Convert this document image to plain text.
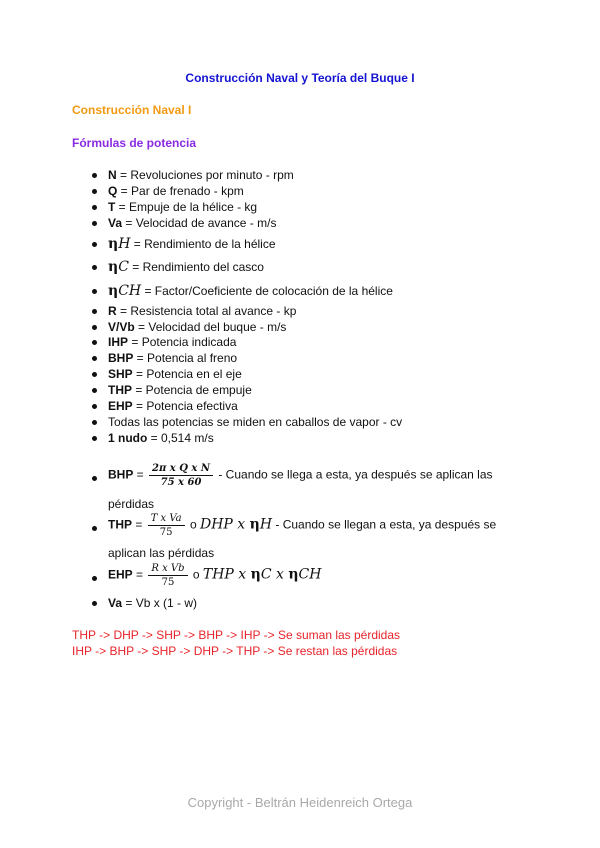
Construcción Naval y Teoría del Buque I
Construcción Naval I
Fórmulas de potencia
N = Revoluciones por minuto - rpm
Q = Par de frenado - kpm
T = Empuje de la hélice - kg
Va = Velocidad de avance - m/s
ηH = Rendimiento de la hélice
ηC = Rendimiento del casco
ηCH = Factor/Coeficiente de colocación de la hélice
R = Resistencia total al avance - kp
V/Vb = Velocidad del buque - m/s
IHP = Potencia indicada
BHP = Potencia al freno
SHP = Potencia en el eje
THP = Potencia de empuje
EHP = Potencia efectiva
Todas las potencias se miden en caballos de vapor - cv
1 nudo = 0,514 m/s
BHP = $\frac{\text{2π x Q x N}}{75 x 60}$ - Cuando se llega a esta, ya después se aplican las
pérdidas
THP = $\frac{\text{T x Va}}{75}$ o DHP x ηH - Cuando se llegan a esta, ya después se
aplican las pérdidas
EHP = $\frac{\text{R x Vb}}{75}$ o THP x ηC x ηCH
Va = Vb x (1 - w)
THP -> DHP -> SHP -> BHP -> IHP -> Se suman las pérdidas
IHP -> BHP -> SHP -> DHP -> THP -> Se restan las pérdidas
Copyright - Beltrán Heidenreich Ortega
